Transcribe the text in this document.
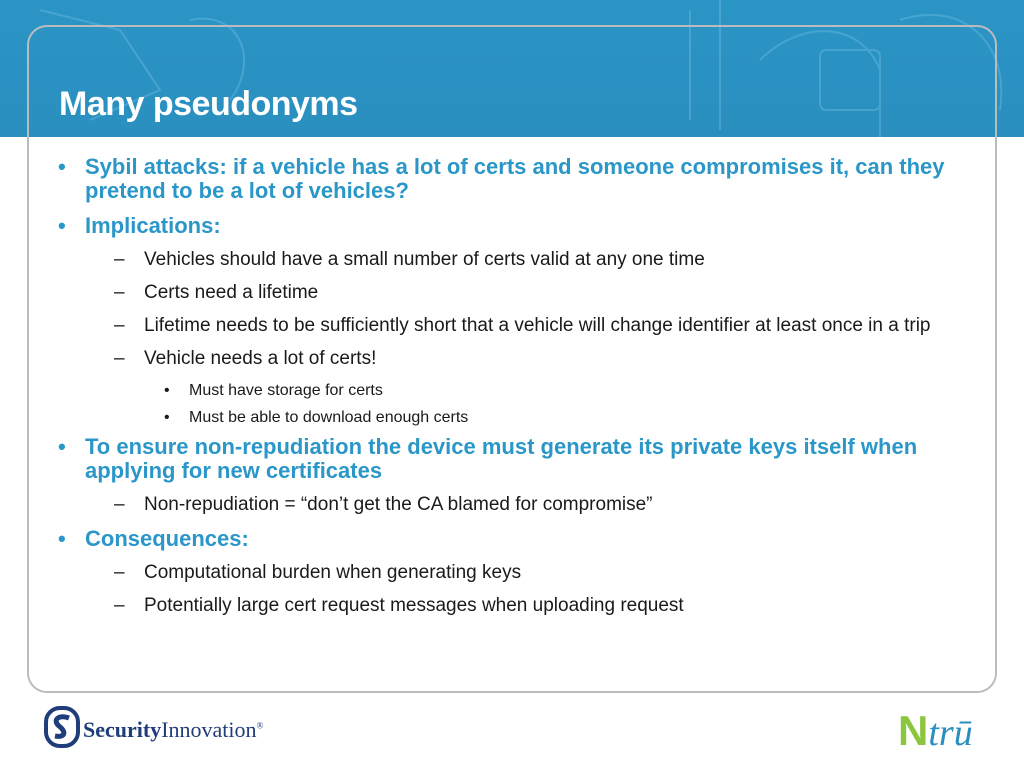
Many pseudonyms
• Sybil attacks: if a vehicle has a lot of certs and someone compromises it, can they pretend to be a lot of vehicles?
• Implications:
– Vehicles should have a small number of certs valid at any one time
– Certs need a lifetime
– Lifetime needs to be sufficiently short that a vehicle will change identifier at least once in a trip
– Vehicle needs a lot of certs!
• Must have storage for certs
• Must be able to download enough certs
• To ensure non-repudiation the device must generate its private keys itself when applying for new certificates
– Non-repudiation = “don’t get the CA blamed for compromise”
• Consequences:
– Computational burden when generating keys
– Potentially large cert request messages when uploading request
SecurityInnovation®	Ntrū
